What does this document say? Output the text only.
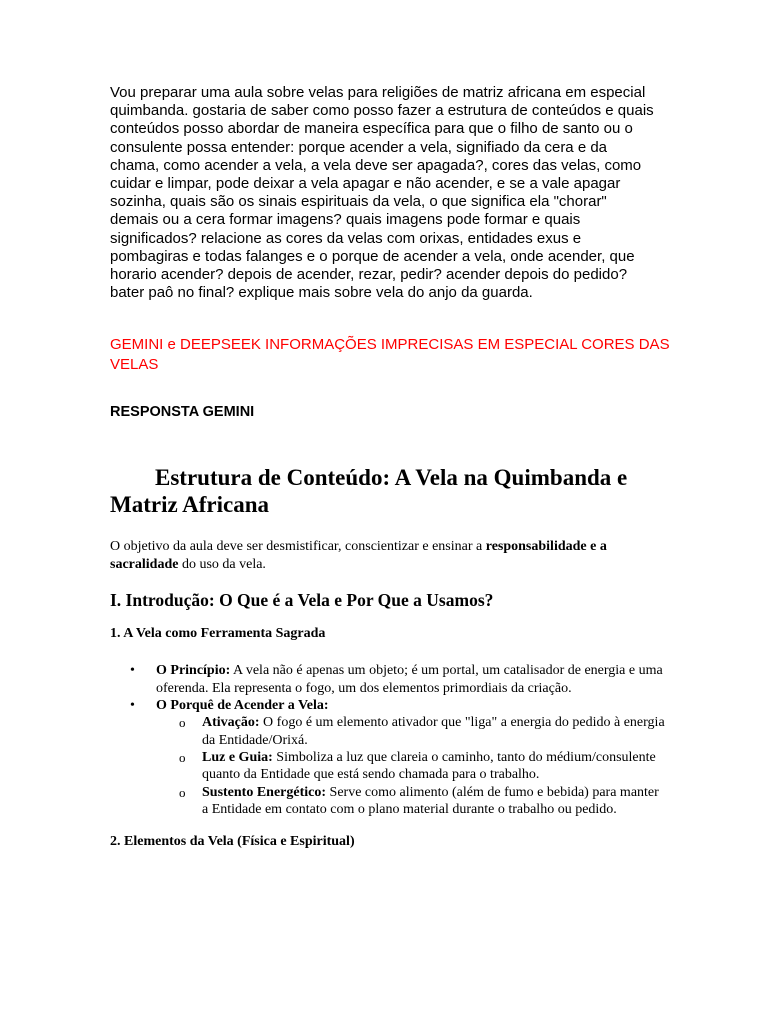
Vou preparar uma aula sobre velas para religiões de matriz africana em especial quimbanda. gostaria de saber como posso fazer a estrutura de conteúdos e quais conteúdos posso abordar de maneira específica para que o filho de santo ou o consulente possa entender: porque acender a vela, signifiado da cera e da chama, como acender a vela, a vela deve ser apagada?, cores das velas, como cuidar e limpar, pode deixar a vela apagar e não acender, e se a vale apagar sozinha, quais são os sinais espirituais da vela, o que significa ela "chorar" demais ou a cera formar imagens? quais imagens pode formar e quais significados? relacione as cores da velas com orixas, entidades exus e pombagiras e todas falanges e o porque de acender a vela, onde acender, que horario acender? depois de acender, rezar, pedir? acender depois do pedido? bater paô no final? explique mais sobre vela do anjo da guarda.

GEMINI e DEEPSEEK INFORMAÇÕES IMPRECISAS EM ESPECIAL CORES DAS VELAS

RESPONSTA GEMINI

Estrutura de Conteúdo: A Vela na Quimbanda e Matriz Africana

O objetivo da aula deve ser desmistificar, conscientizar e ensinar a responsabilidade e a sacralidade do uso da vela.

I. Introdução: O Que é a Vela e Por Que a Usamos?
1. A Vela como Ferramenta Sagrada
• O Princípio: A vela não é apenas um objeto; é um portal, um catalisador de energia e uma oferenda. Ela representa o fogo, um dos elementos primordiais da criação.
• O Porquê de Acender a Vela:
o Ativação: O fogo é um elemento ativador que "liga" a energia do pedido à energia da Entidade/Orixá.
o Luz e Guia: Simboliza a luz que clareia o caminho, tanto do médium/consulente quanto da Entidade que está sendo chamada para o trabalho.
o Sustento Energético: Serve como alimento (além de fumo e bebida) para manter a Entidade em contato com o plano material durante o trabalho ou pedido.
2. Elementos da Vela (Física e Espiritual)
